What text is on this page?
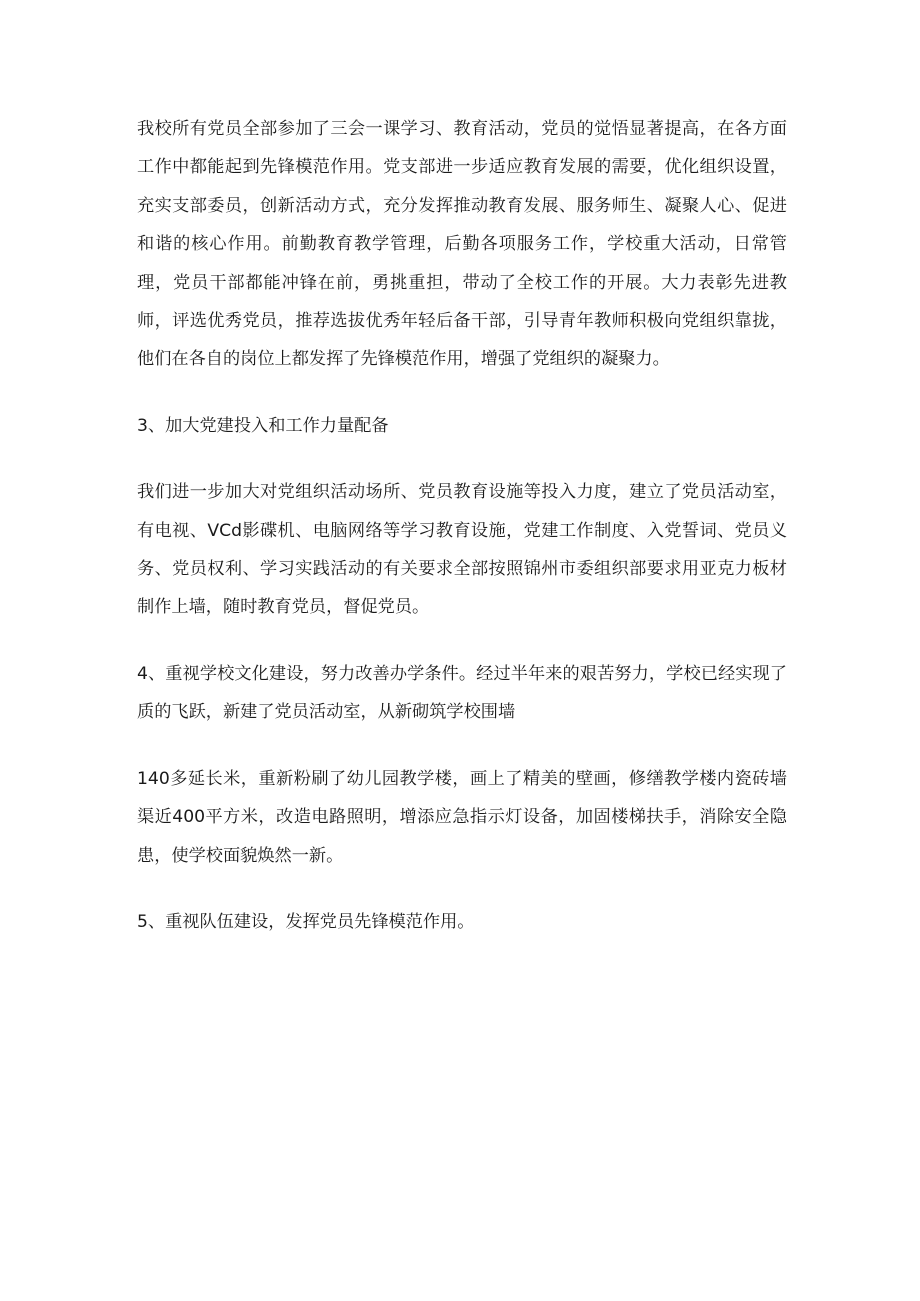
我校所有党员全部参加了三会一课学习、教育活动，党员的觉悟显著提高，在各方面工作中都能起到先锋模范作用。党支部进一步适应教育发展的需要，优化组织设置，充实支部委员，创新活动方式，充分发挥推动教育发展、服务师生、凝聚人心、促进和谐的核心作用。前勤教育教学管理，后勤各项服务工作，学校重大活动，日常管理，党员干部都能冲锋在前，勇挑重担，带动了全校工作的开展。大力表彰先进教师，评选优秀党员，推荐选拔优秀年轻后备干部，引导青年教师积极向党组织靠拢，他们在各自的岗位上都发挥了先锋模范作用，增强了党组织的凝聚力。

3、加大党建投入和工作力量配备

我们进一步加大对党组织活动场所、党员教育设施等投入力度，建立了党员活动室，有电视、VCd影碟机、电脑网络等学习教育设施，党建工作制度、入党誓词、党员义务、党员权利、学习实践活动的有关要求全部按照锦州市委组织部要求用亚克力板材制作上墙，随时教育党员，督促党员。

4、重视学校文化建设，努力改善办学条件。经过半年来的艰苦努力，学校已经实现了质的飞跃，新建了党员活动室，从新砌筑学校围墙

140多延长米，重新粉刷了幼儿园教学楼，画上了精美的壁画，修缮教学楼内瓷砖墙渠近400平方米，改造电路照明，增添应急指示灯设备，加固楼梯扶手，消除安全隐患，使学校面貌焕然一新。

5、重视队伍建设，发挥党员先锋模范作用。
